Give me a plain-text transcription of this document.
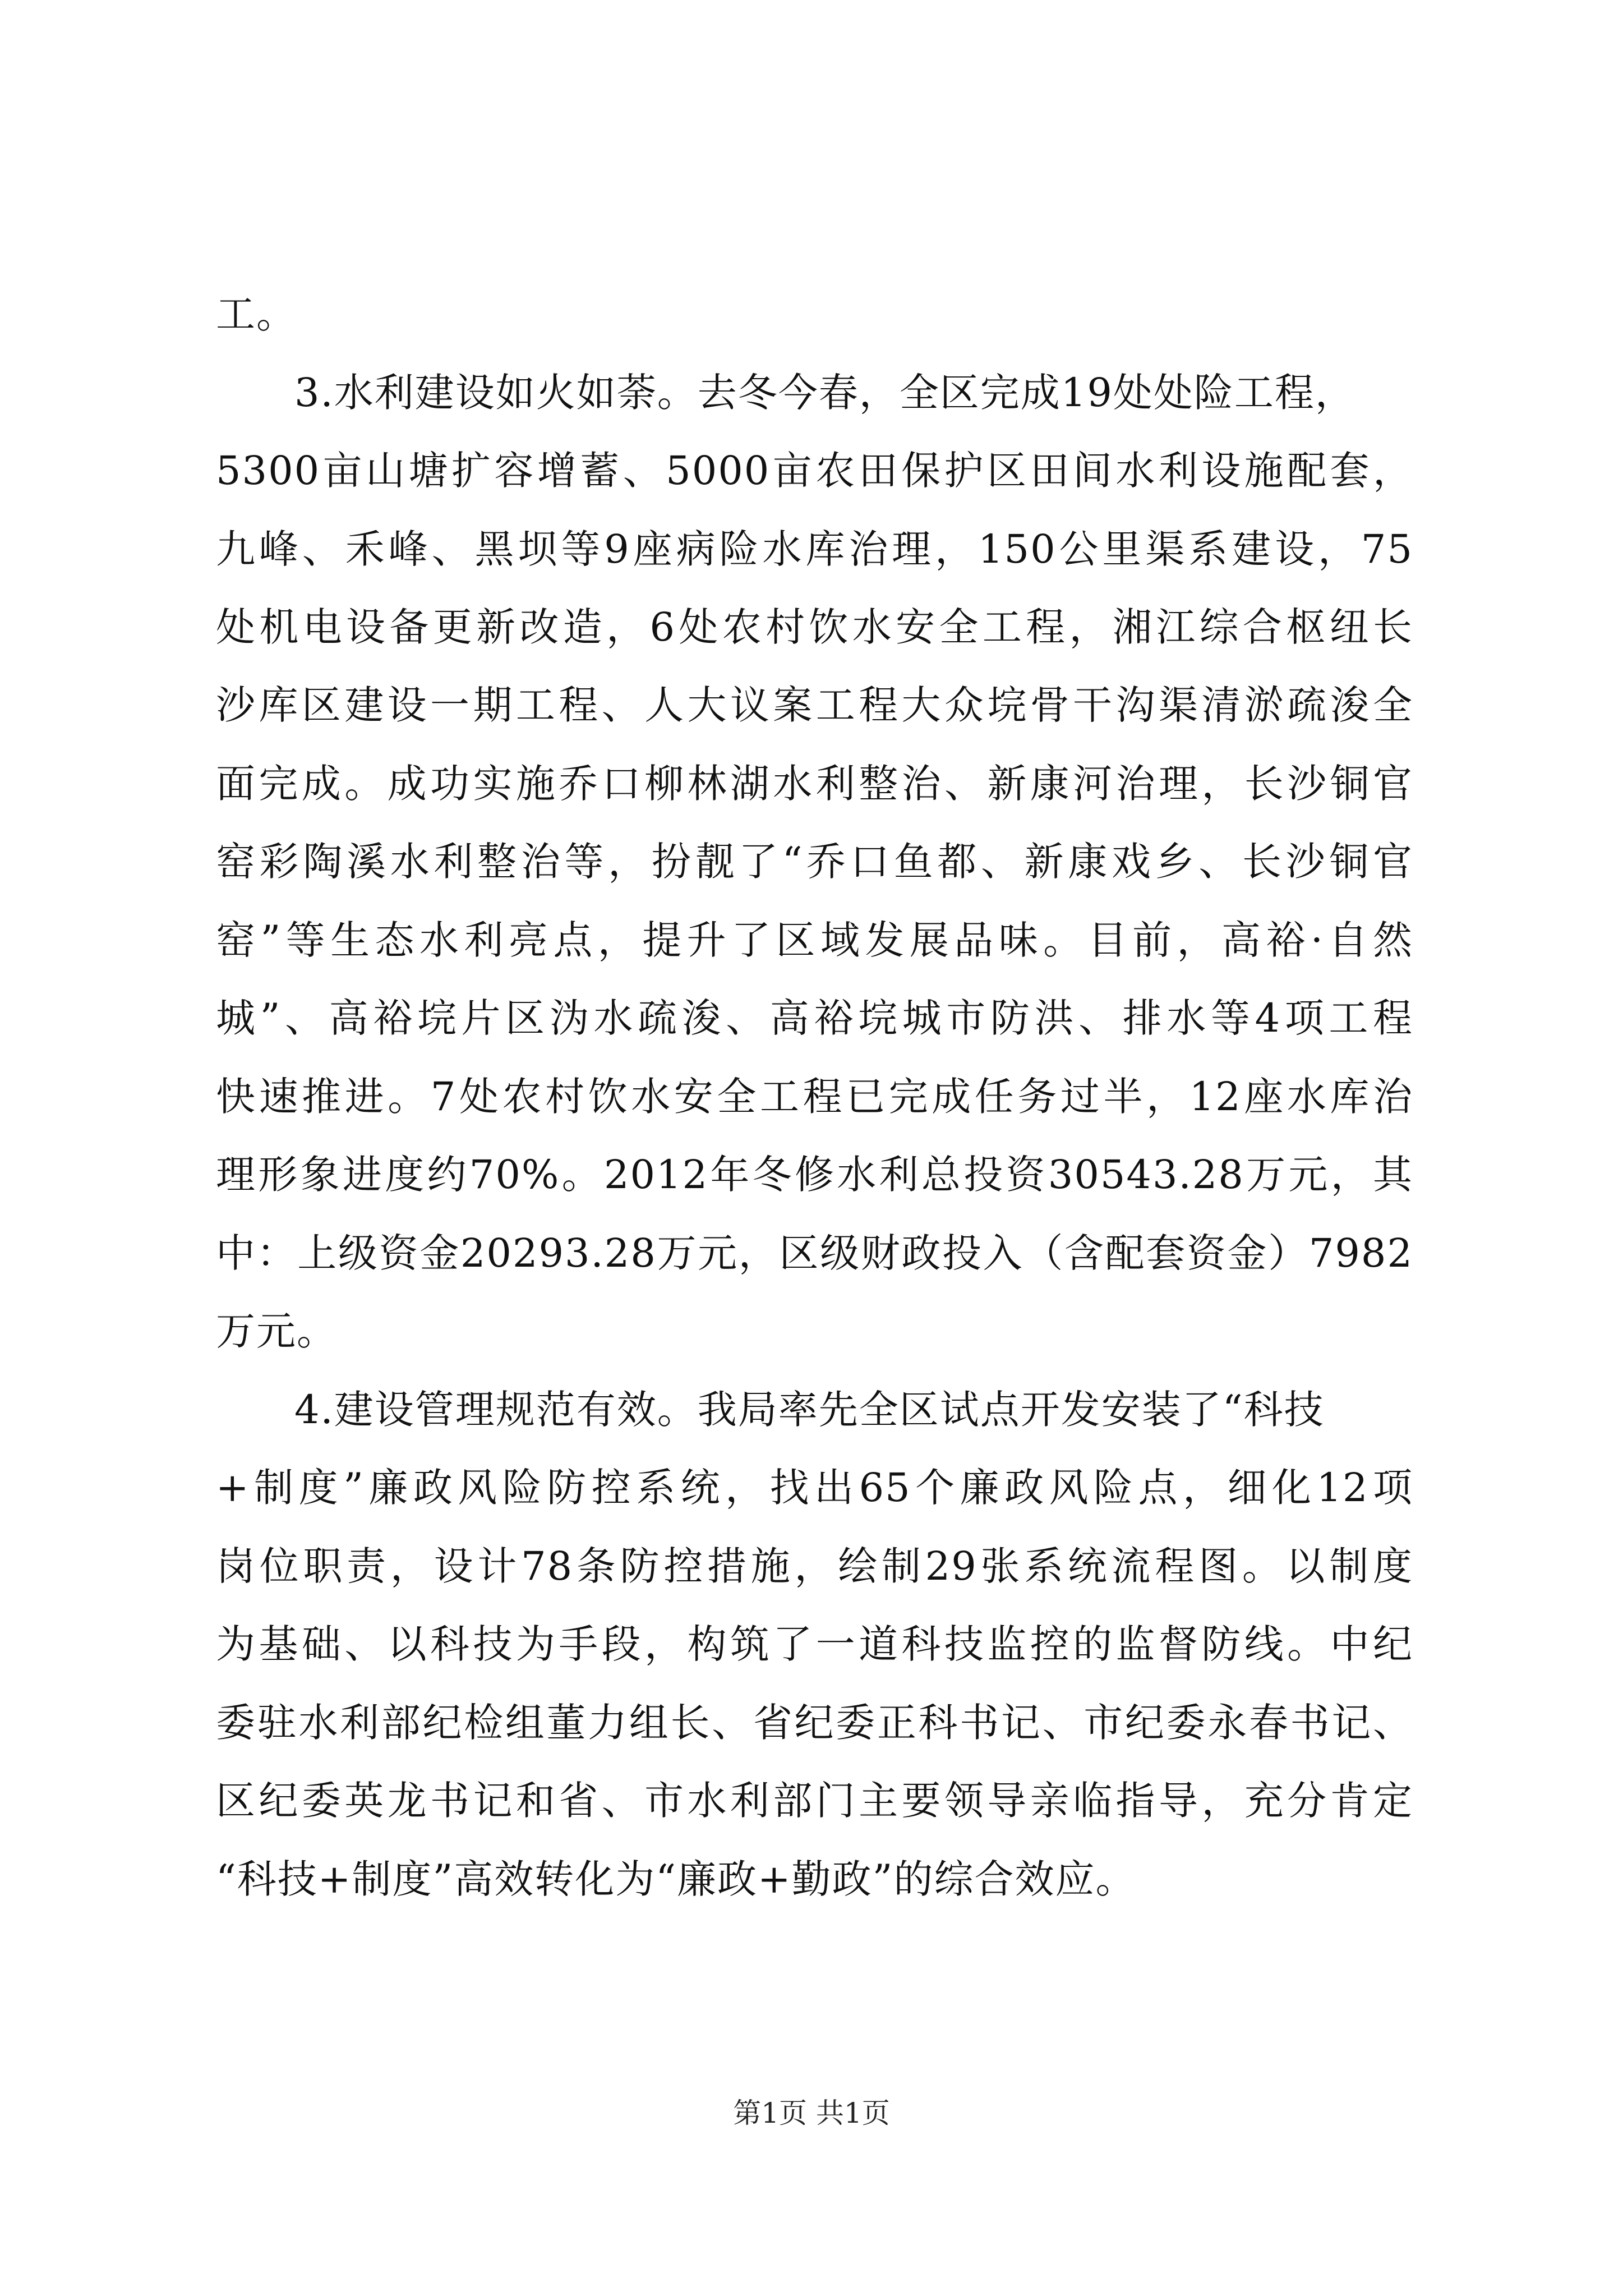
工。

3.水利建设如火如荼。去冬今春，全区完成19处处险工程，

5300亩山塘扩容增蓄、5000亩农田保护区田间水利设施配套，

九峰、禾峰、黑坝等9座病险水库治理，150公里渠系建设，75

处机电设备更新改造，6处农村饮水安全工程，湘江综合枢纽长

沙库区建设一期工程、人大议案工程大众垸骨干沟渠清淤疏浚全

面完成。成功实施乔口柳林湖水利整治、新康河治理，长沙铜官

窑彩陶溪水利整治等，扮靓了“乔口鱼都、新康戏乡、长沙铜官

窑”等生态水利亮点，提升了区域发展品味。目前，高裕·自然

城”、高裕垸片区沩水疏浚、高裕垸城市防洪、排水等4项工程

快速推进。7处农村饮水安全工程已完成任务过半，12座水库治

理形象进度约70%。2012年冬修水利总投资30543.28万元，其

中：上级资金20293.28万元，区级财政投入（含配套资金）7982

万元。

4.建设管理规范有效。我局率先全区试点开发安装了“科技

+制度”廉政风险防控系统，找出65个廉政风险点，细化12项

岗位职责，设计78条防控措施，绘制29张系统流程图。以制度

为基础、以科技为手段，构筑了一道科技监控的监督防线。中纪

委驻水利部纪检组董力组长、省纪委正科书记、市纪委永春书记、

区纪委英龙书记和省、市水利部门主要领导亲临指导，充分肯定

“科技+制度”高效转化为“廉政+勤政”的综合效应。

第1页 共1页
